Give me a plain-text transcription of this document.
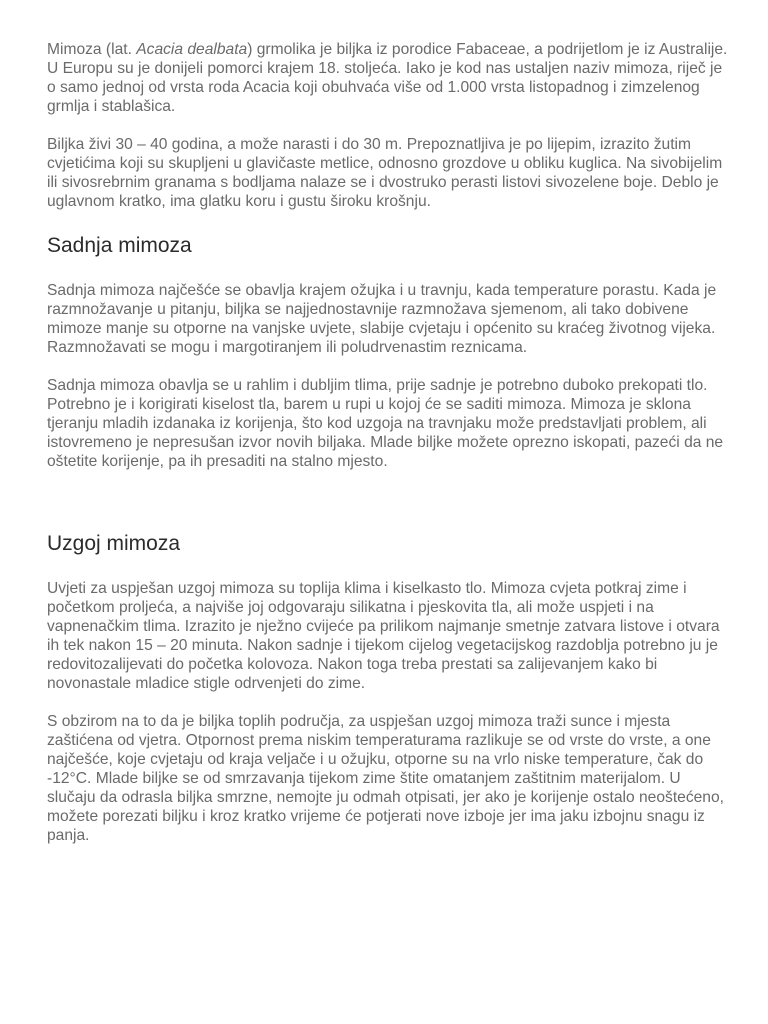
Mimoza (lat. Acacia dealbata) grmolika je biljka iz porodice Fabaceae, a podrijetlom je iz Australije. U Europu su je donijeli pomorci krajem 18. stoljeća. Iako je kod nas ustaljen naziv mimoza, riječ je o samo jednoj od vrsta roda Acacia koji obuhvaća više od 1.000 vrsta listopadnog i zimzelenog grmlja i stablašica.

Biljka živi 30 – 40 godina, a može narasti i do 30 m. Prepoznatljiva je po lijepim, izrazito žutim cvjetićima koji su skupljeni u glavičaste metlice, odnosno grozdove u obliku kuglica. Na sivobijelim ili sivosrebrnim granama s bodljama nalaze se i dvostruko perasti listovi sivozelene boje. Deblo je uglavnom kratko, ima glatku koru i gustu široku krošnju.

Sadnja mimoza

Sadnja mimoza najčešće se obavlja krajem ožujka i u travnju, kada temperature porastu. Kada je razmnožavanje u pitanju, biljka se najjednostavnije razmnožava sjemenom, ali tako dobivene mimoze manje su otporne na vanjske uvjete, slabije cvjetaju i općenito su kraćeg životnog vijeka. Razmnožavati se mogu i margotiranjem ili poludrvenastim reznicama.

Sadnja mimoza obavlja se u rahlim i dubljim tlima, prije sadnje je potrebno duboko prekopati tlo. Potrebno je i korigirati kiselost tla, barem u rupi u kojoj će se saditi mimoza. Mimoza je sklona tjeranju mladih izdanaka iz korijenja, što kod uzgoja na travnjaku može predstavljati problem, ali istovremeno je nepresušan izvor novih biljaka. Mlade biljke možete oprezno iskopati, pazeći da ne oštetite korijenje, pa ih presaditi na stalno mjesto.

Uzgoj mimoza

Uvjeti za uspješan uzgoj mimoza su toplija klima i kiselkasto tlo. Mimoza cvjeta potkraj zime i početkom proljeća, a najviše joj odgovaraju silikatna i pjeskovita tla, ali može uspjeti i na vapnenačkim tlima. Izrazito je nježno cvijeće pa prilikom najmanje smetnje zatvara listove i otvara ih tek nakon 15 – 20 minuta. Nakon sadnje i tijekom cijelog vegetacijskog razdoblja potrebno ju je redovitozalijevati do početka kolovoza. Nakon toga treba prestati sa zalijevanjem kako bi novonastale mladice stigle odrvenjeti do zime.

S obzirom na to da je biljka toplih područja, za uspješan uzgoj mimoza traži sunce i mjesta zaštićena od vjetra. Otpornost prema niskim temperaturama razlikuje se od vrste do vrste, a one najčešće, koje cvjetaju od kraja veljače i u ožujku, otporne su na vrlo niske temperature, čak do -12°C. Mlade biljke se od smrzavanja tijekom zime štite omatanjem zaštitnim materijalom. U slučaju da odrasla biljka smrzne, nemojte ju odmah otpisati, jer ako je korijenje ostalo neoštećeno, možete porezati biljku i kroz kratko vrijeme će potjerati nove izboje jer ima jaku izbojnu snagu iz panja.
